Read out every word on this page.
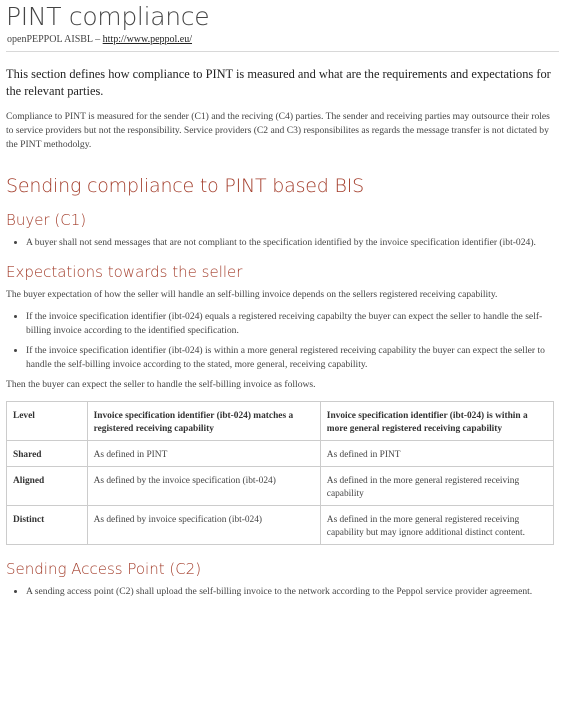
PINT compliance
openPEPPOL AISBL – http://www.peppol.eu/

This section defines how compliance to PINT is measured and what are the requirements and expectations for the relevant parties.

Compliance to PINT is measured for the sender (C1) and the reciving (C4) parties. The sender and receiving parties may outsource their roles to service providers but not the responsibility. Service providers (C2 and C3) responsibilites as regards the message transfer is not dictated by the PINT methodolgy.

Sending compliance to PINT based BIS
Buyer (C1)
• A buyer shall not send messages that are not compliant to the specification identified by the invoice specification identifier (ibt-024).
Expectations towards the seller

The buyer expectation of how the seller will handle an self-billing invoice depends on the sellers registered receiving capability.

• If the invoice specification identifier (ibt-024) equals a registered receiving capabilty the buyer can expect the seller to handle the self-billing invoice according to the identified specification.
• If the invoice specification identifier (ibt-024) is within a more general registered receiving capability the buyer can expect the seller to handle the self-billing invoice according to the stated, more general, receiving capability.

Then the buyer can expect the seller to handle the self-billing invoice as follows.

Level	Invoice specification identifier (ibt-024) matches a registered receiving capability	Invoice specification identifier (ibt-024) is within a more general registered receiving capability
Shared	As defined in PINT	As defined in PINT
Aligned	As defined by the invoice specification (ibt-024)	As defined in the more general registered receiving capability
Distinct	As defined by invoice specification (ibt-024)	As defined in the more general registered receiving capability but may ignore additional distinct content.
Sending Access Point (C2)
• A sending access point (C2) shall upload the self-billing invoice to the network according to the Peppol service provider agreement.
